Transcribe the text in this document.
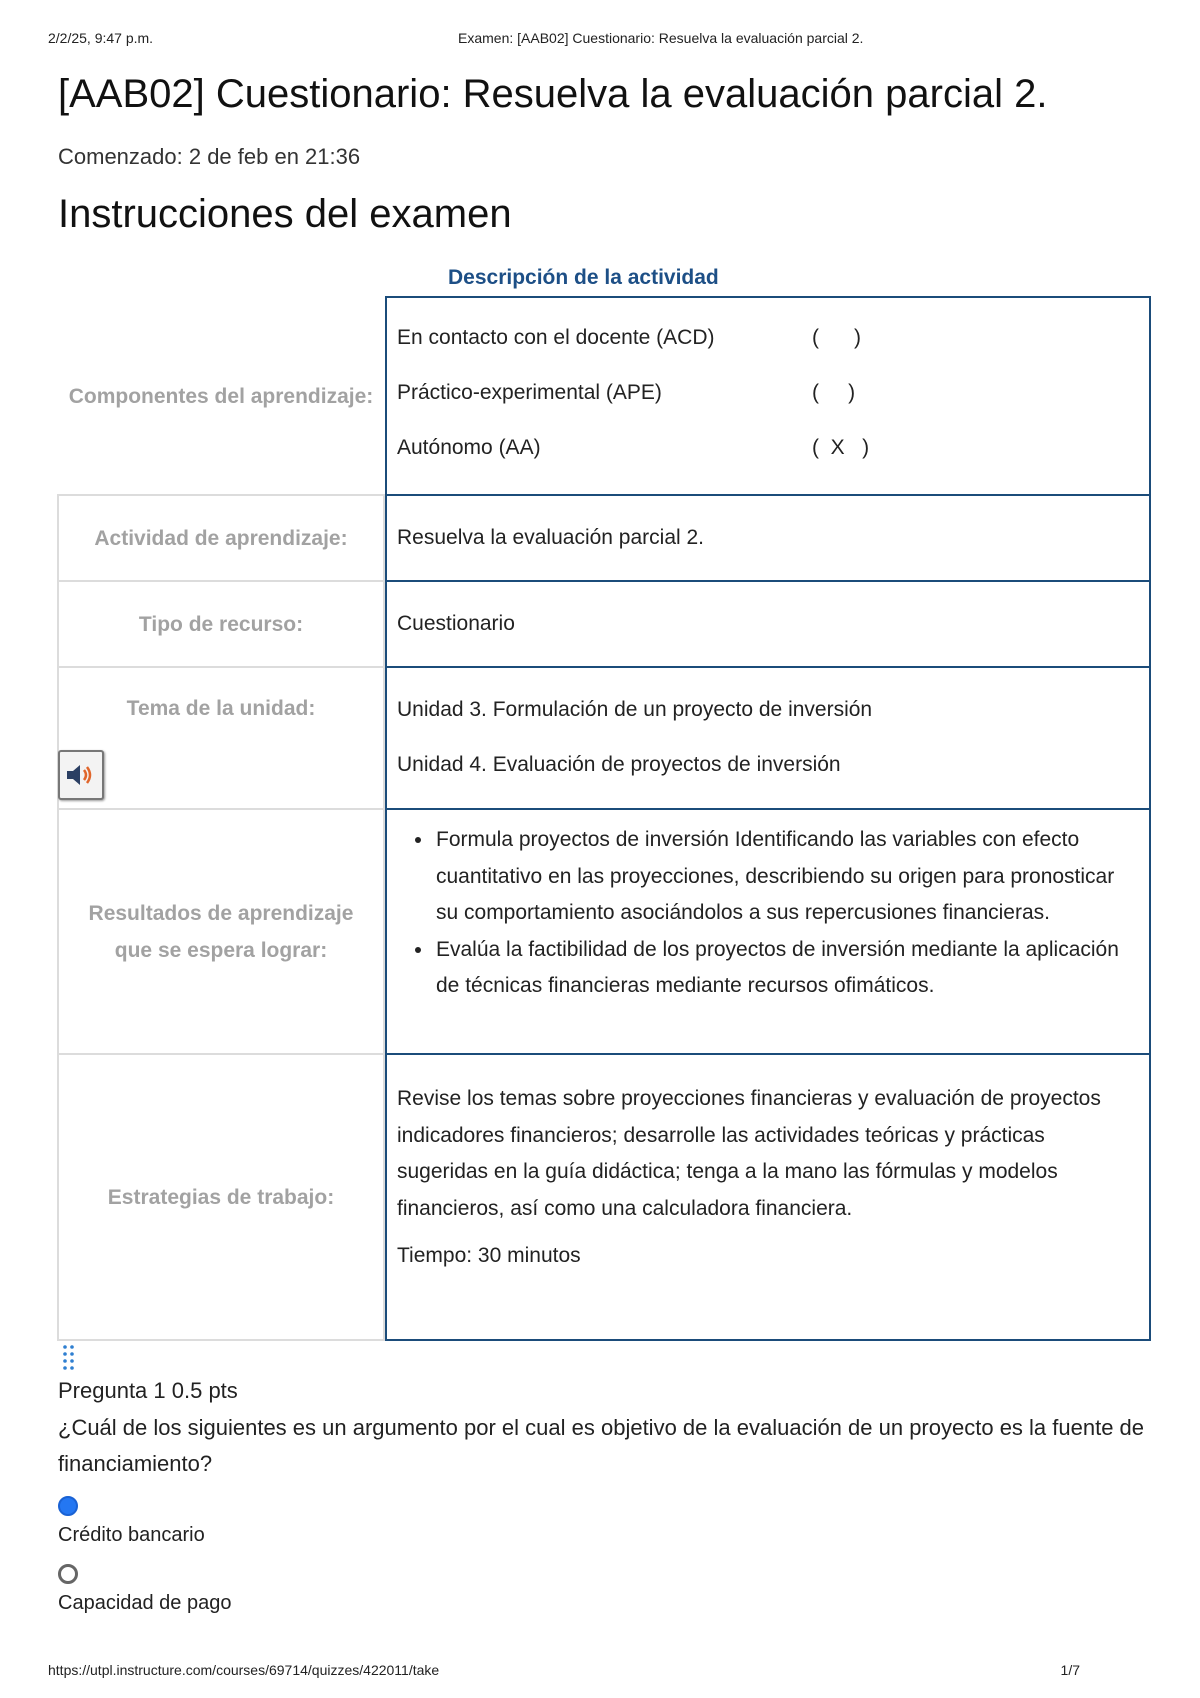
2/2/25, 9:47 p.m.	Examen: [AAB02] Cuestionario: Resuelva la evaluación parcial 2.
[AAB02] Cuestionario: Resuelva la evaluación parcial 2.
Comenzado: 2 de feb en 21:36
Instrucciones del examen
Descripción de la actividad
Componentes del aprendizaje:
En contacto con el docente (ACD)	(      )
Práctico-experimental (APE)	(     )
Autónomo (AA)	(  X   )
Actividad de aprendizaje: Resuelva la evaluación parcial 2.
Tipo de recurso:	Cuestionario
Tema de la unidad:	Unidad 3. Formulación de un proyecto de inversión
Unidad 4. Evaluación de proyectos de inversión
Resultados de aprendizaje que se espera lograr:
• Formula proyectos de inversión Identificando las variables con efecto cuantitativo en las proyecciones, describiendo su origen para pronosticar su comportamiento asociándolos a sus repercusiones financieras.
• Evalúa la factibilidad de los proyectos de inversión mediante la aplicación de técnicas financieras mediante recursos ofimáticos.
Estrategias de trabajo:
Revise los temas sobre proyecciones financieras y evaluación de proyectos indicadores financieros; desarrolle las actividades teóricas y prácticas sugeridas en la guía didáctica; tenga a la mano las fórmulas y modelos financieros, así como una calculadora financiera.
Tiempo: 30 minutos
Pregunta 1 0.5 pts

¿Cuál de los siguientes es un argumento por el cual es objetivo de la evaluación de un proyecto es la fuente de financiamiento?

Crédito bancario
Capacidad de pago
https://utpl.instructure.com/courses/69714/quizzes/422011/take	1/7
